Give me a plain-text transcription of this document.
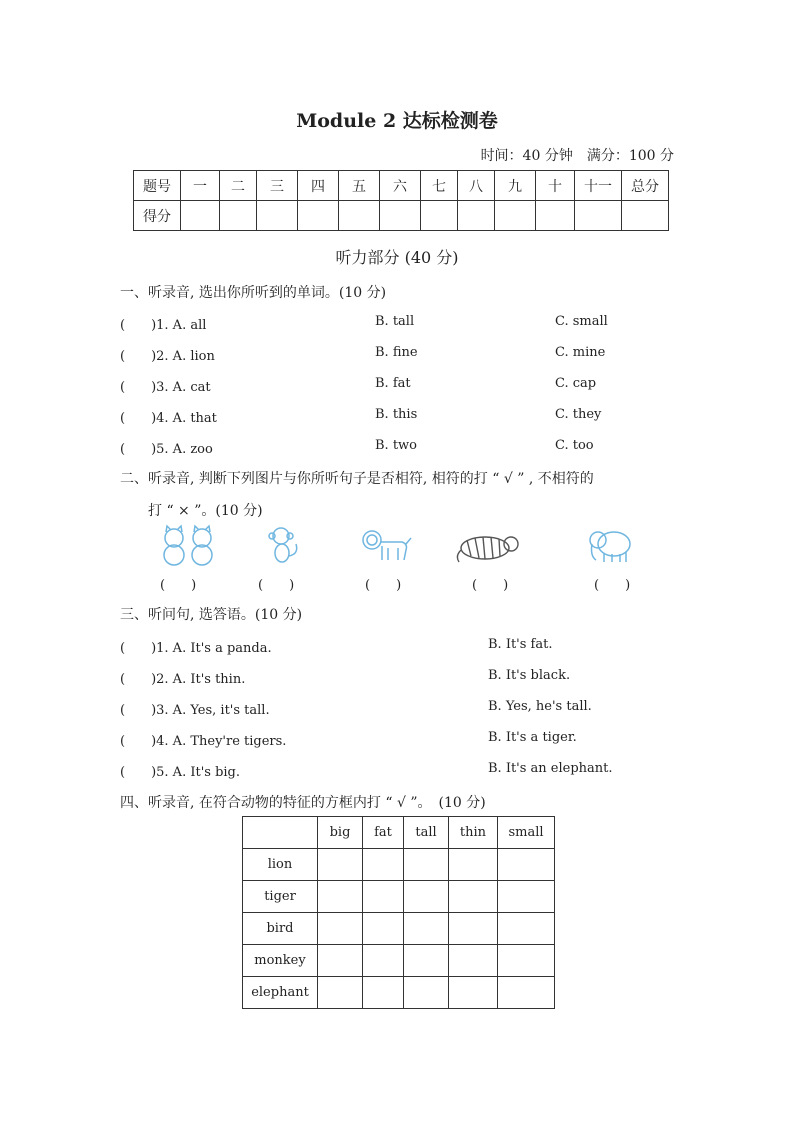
Module 2 达标检测卷
时间：40 分钟　满分：100 分
题号	一	二	三	四	五	六	七	八	九	十	十一	总分
得分												
听力部分 (40 分)
一、听录音, 选出你所听到的单词。(10 分)
(　　)1. A. all	B. tall	C. small
(　　)2. A. lion	B. fine	C. mine
(　　)3. A. cat	B. fat	C. cap
(　　)4. A. that	B. this	C. they
(　　)5. A. zoo	B. two	C. too
二、听录音, 判断下列图片与你所听句子是否相符, 相符的打 “ √ ” , 不相符的
打 “ × ”。(10 分)
(　　)	(　　)	(　　)	(　　)	(　　)
三、听问句, 选答语。(10 分)
(　　)1. A. It's a panda.	B. It's fat.
(　　)2. A. It's thin.	B. It's black.
(　　)3. A. Yes, it's tall.	B. Yes, he's tall.
(　　)4. A. They're tigers.	B. It's a tiger.
(　　)5. A. It's big.	B. It's an elephant.
四、听录音, 在符合动物的特征的方框内打 “ √ ”。　(10 分)
	big	fat	tall	thin	small
lion					
tiger					
bird					
monkey					
elephant					
